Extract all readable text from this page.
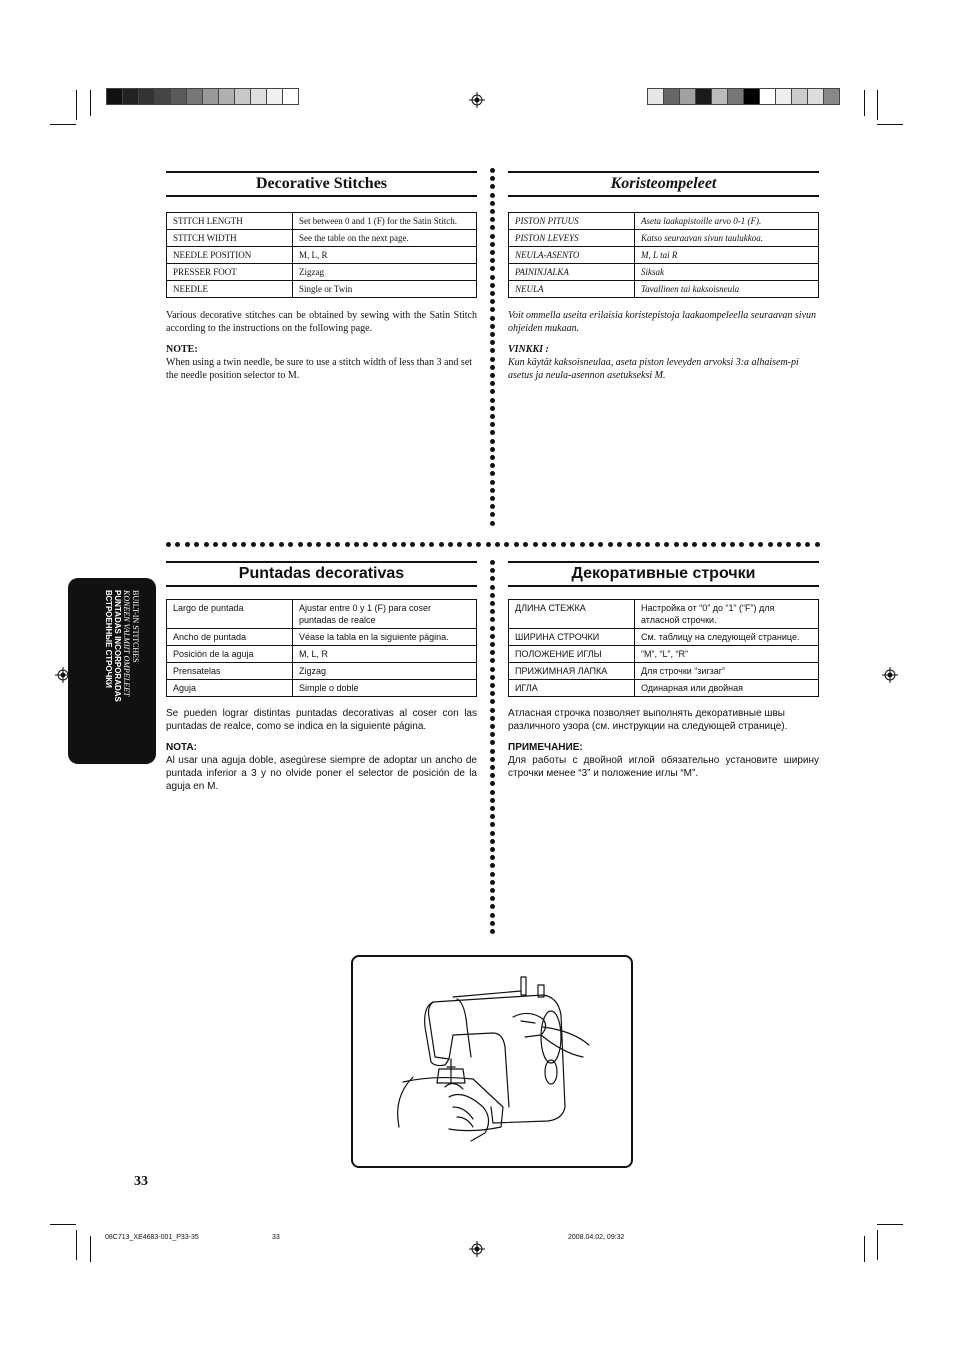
Decorative Stitches
STITCH LENGTH	Set between 0 and 1 (F) for the Satin Stitch.
STITCH WIDTH	See the table on the next page.
NEEDLE POSITION	M, L, R
PRESSER FOOT	Zigzag
NEEDLE	Single or Twin

Various decorative stitches can be obtained by sewing with the Satin Stitch according to the instructions on the following page.

NOTE:

When using a twin needle, be sure to use a stitch width of less than 3 and set the needle position selector to M.

Koristeompeleet
PISTON PITUUS	Aseta laakapistoille arvo 0-1 (F).
PISTON LEVEYS	Katso seuraavan sivun taulukkoa.
NEULA-ASENTO	M, L tai R
PAININJALKA	Siksak
NEULA	Tavallinen tai kaksoisneula

Voit ommella useita erilaisia koristepistoja laakaompeleella seuraavan sivun ohjeiden mukaan.

VINKKI :

Kun käytät kaksoisneulaa, aseta piston leveyden arvoksi 3:a alhaisem-pi asetus ja neula-asennon asetukseksi M.

Puntadas decorativas
Largo de puntada	Ajustar entre 0 y 1 (F) para coser puntadas de realce
Ancho de puntada	Véase la tabla en la siguiente página.
Posición de la aguja	M, L, R
Prensatelas	Zigzag
Aguja	Simple o doble

Se pueden lograr distintas puntadas decorativas al coser con las puntadas de realce, como se indica en la siguiente página.

NOTA:

Al usar una aguja doble, asegúrese siempre de adoptar un ancho de puntada inferior a 3 y no olvide poner el selector de posición de la aguja en M.

Декоративные строчки
ДЛИНА СТЕЖКА	Настройка от “0” до “1” (“F”) для атласной строчки.
ШИРИНА СТРОЧКИ	См. таблицу на следующей странице.
ПОЛОЖЕНИЕ ИГЛЫ	“M”, “L”, “R”
ПРИЖИМНАЯ ЛАПКА	Для строчки “зигзаг”
ИГЛА	Одинарная или двойная

Атласная строчка позволяет выполнять декоративные швы различного узора (см. инструкции на следующей странице).

ПРИМЕЧАНИЕ:

Для работы с двойной иглой обязательно установите ширину строчки менее “3” и положение иглы “M”.

BUILT-IN STITCHES
KONEEN VALMIIT OMPELEET
PUNTADAS INCORPORADAS
ВСТРОЕННЫЕ СТРОЧКИ
33
08C713_XE4683-001_P33-35	33	2008.04.02, 09:32
